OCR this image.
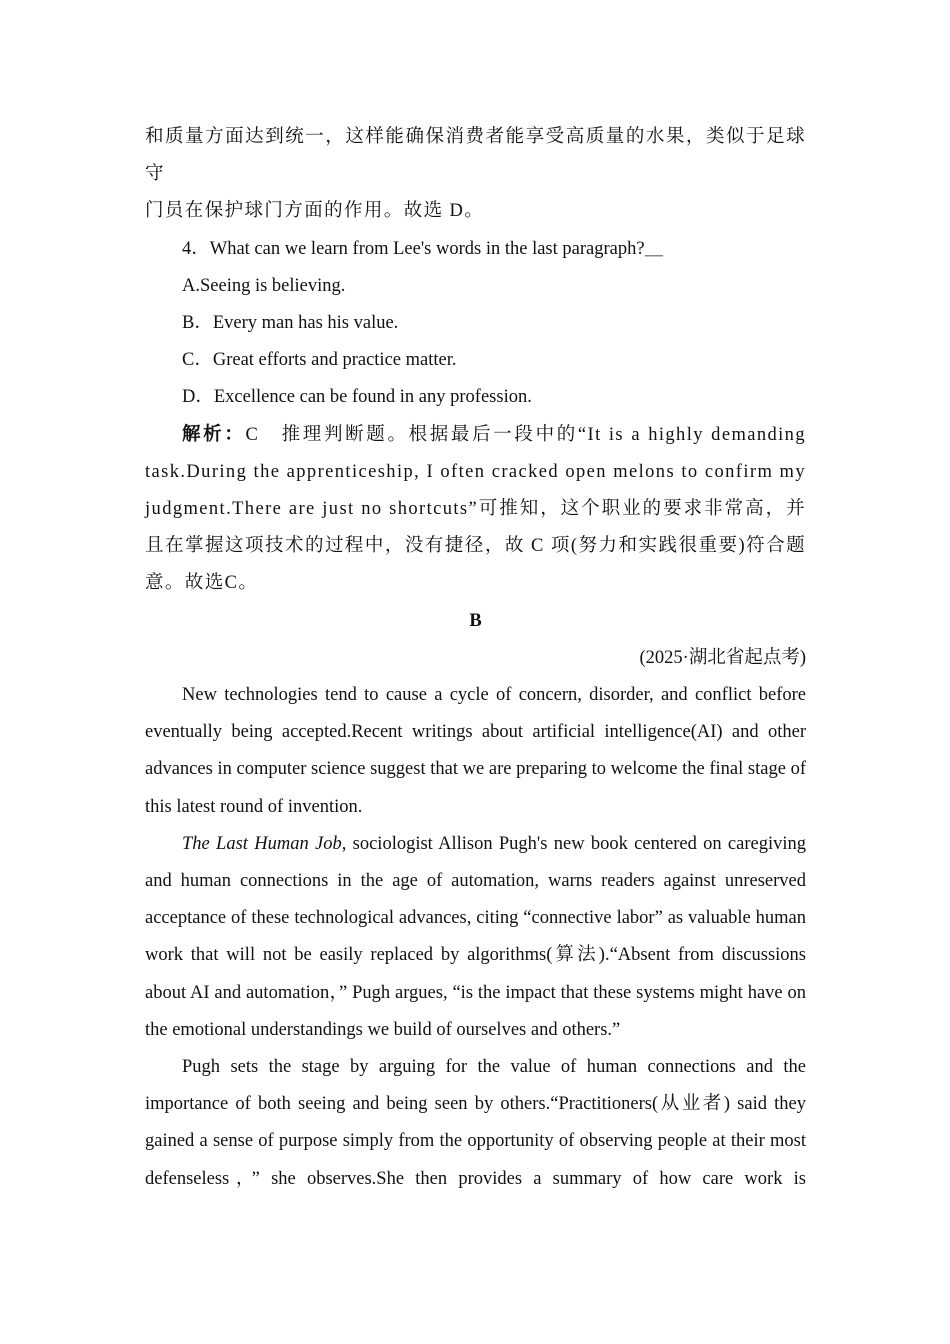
和质量方面达到统一，这样能确保消费者能享受高质量的水果，类似于足球守

门员在保护球门方面的作用。故选 D。

4．What can we learn from Lee's words in the last paragraph?＿

A.Seeing is believing.

B．Every man has his value.

C．Great efforts and practice matter.

D．Excellence can be found in any profession.

解析：C　推理判断题。根据最后一段中的“It is a highly demanding task.During the apprenticeship, I often cracked open melons to confirm my judgment.There are just no shortcuts”可推知，这个职业的要求非常高，并且在掌握这项技术的过程中，没有捷径，故 C 项(努力和实践很重要)符合题意。故选C。

B

(2025·湖北省起点考)

New technologies tend to cause a cycle of concern, disorder, and conflict before eventually being accepted.Recent writings about artificial intelligence(AI) and other advances in computer science suggest that we are preparing to welcome the final stage of this latest round of invention.

The Last Human Job, sociologist Allison Pugh's new book centered on caregiving and human connections in the age of automation, warns readers against unreserved acceptance of these technological advances, citing “connective labor” as valuable human work that will not be easily replaced by algorithms(算法).“Absent from discussions about AI and automation，” Pugh argues, “is the impact that these systems might have on the emotional understandings we build of ourselves and others.”

Pugh sets the stage by arguing for the value of human connections and the importance of both seeing and being seen by others.“Practitioners(从业者) said they gained a sense of purpose simply from the opportunity of observing people at their most defenseless，” she observes.She then provides a summary of how care work is
